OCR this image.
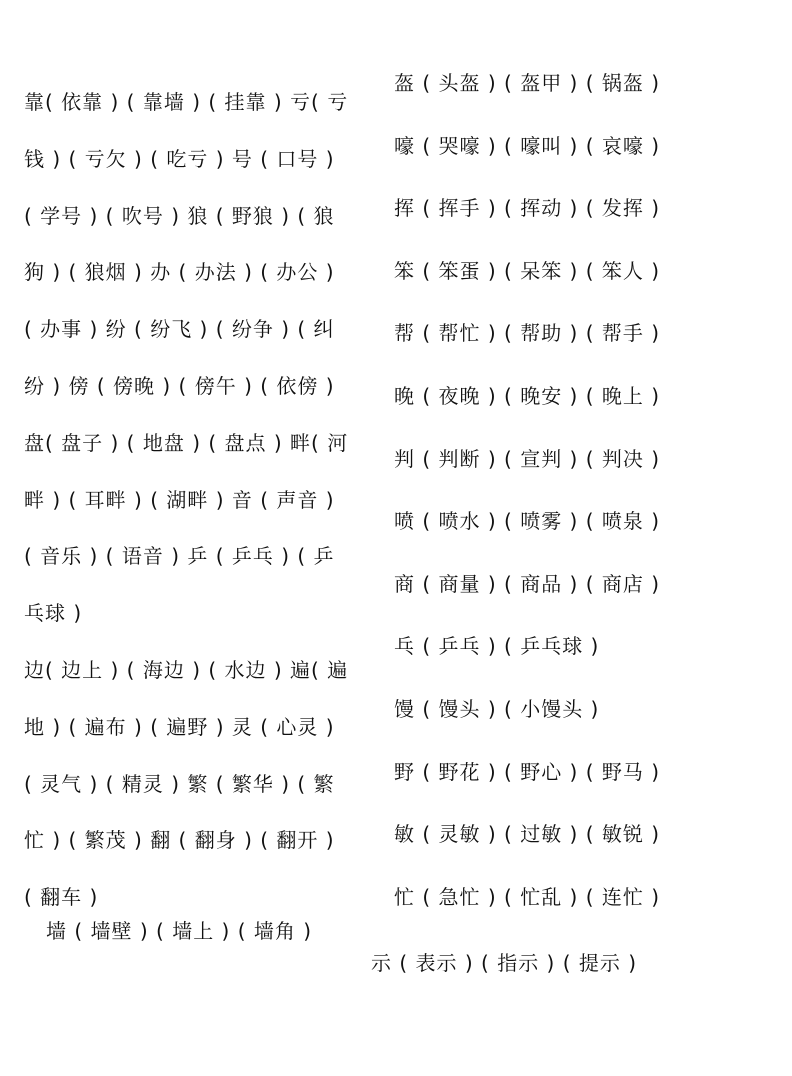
靠( 依靠 ) ( 靠墙 ) ( 挂靠 ) 亏( 亏
钱 ) ( 亏欠 ) ( 吃亏 ) 号 ( 口号 )
( 学号 ) ( 吹号 ) 狼 ( 野狼 ) ( 狼
狗 ) ( 狼烟 ) 办 ( 办法 ) ( 办公 )
( 办事 ) 纷 ( 纷飞 ) ( 纷争 ) ( 纠
纷 ) 傍 ( 傍晚 ) ( 傍午 ) ( 依傍 )
盘( 盘子 ) ( 地盘 ) ( 盘点 ) 畔( 河
畔 ) ( 耳畔 ) ( 湖畔 ) 音 ( 声音 )
( 音乐 ) ( 语音 ) 乒 ( 乒乓 ) ( 乒
乓球 )
边( 边上 ) ( 海边 ) ( 水边 ) 遍( 遍
地 ) ( 遍布 ) ( 遍野 ) 灵 ( 心灵 )
( 灵气 ) ( 精灵 ) 繁 ( 繁华 ) ( 繁
忙 ) ( 繁茂 ) 翻 ( 翻身 ) ( 翻开 )
( 翻车 )
墙 ( 墙壁 ) ( 墙上 ) ( 墙角 )
盔 ( 头盔 ) ( 盔甲 ) ( 锅盔 )
嚎 ( 哭嚎 ) ( 嚎叫 ) ( 哀嚎 )
挥 ( 挥手 ) ( 挥动 ) ( 发挥 )
笨 ( 笨蛋 ) ( 呆笨 ) ( 笨人 )
帮 ( 帮忙 ) ( 帮助 ) ( 帮手 )
晚 ( 夜晚 ) ( 晚安 ) ( 晚上 )
判 ( 判断 ) ( 宣判 ) ( 判决 )
喷 ( 喷水 ) ( 喷雾 ) ( 喷泉 )
商 ( 商量 ) ( 商品 ) ( 商店 )
乓 ( 乒乓 ) ( 乒乓球 )
馒 ( 馒头 ) ( 小馒头 )
野 ( 野花 ) ( 野心 ) ( 野马 )
敏 ( 灵敏 ) ( 过敏 ) ( 敏锐 )
忙 ( 急忙 ) ( 忙乱 ) ( 连忙 )
示 ( 表示 ) ( 指示 ) ( 提示 )
